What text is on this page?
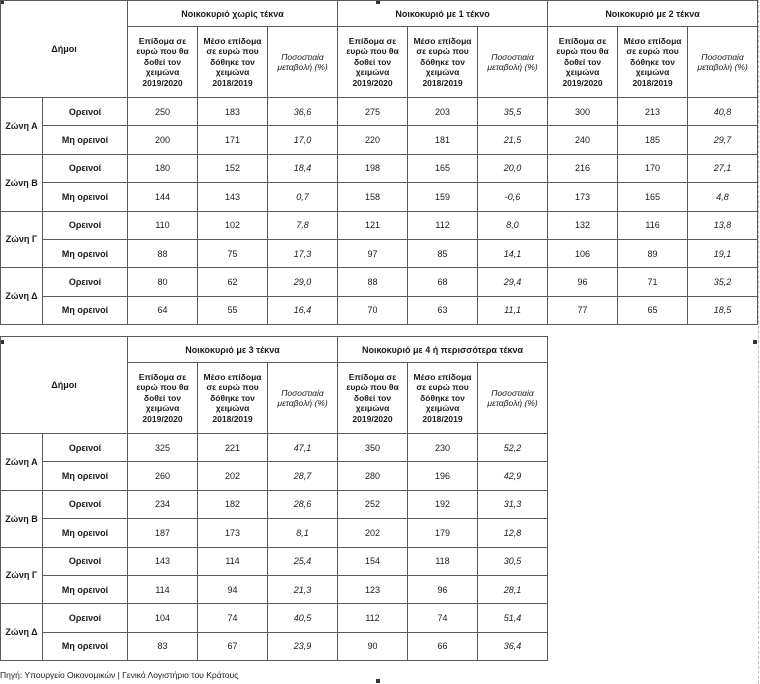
Δήμοι		Νοικοκυριό χωρίς τέκνα			Νοικοκυριό με 1 τέκνο			Νοικοκυριό με 2 τέκνα		
		Επίδομα σε
ευρώ που θα
δοθεί τον
χειμώνα
2019/2020	Μέσο επίδομα
σε ευρώ που
δόθηκε τον
χειμώνα
2018/2019	Ποσοστιαία
μεταβολή (%)	Επίδομα σε
ευρώ που θα
δοθεί τον
χειμώνα
2019/2020	Μέσο επίδομα
σε ευρώ που
δόθηκε τον
χειμώνα
2018/2019	Ποσοστιαία
μεταβολή (%)	Επίδομα σε
ευρώ που θα
δοθεί τον
χειμώνα
2019/2020	Μέσο επίδομα
σε ευρώ που
δόθηκε τον
χειμώνα
2018/2019	Ποσοστιαία
μεταβολή (%)
Ζώνη Α	Ορεινοί	250	183	36,6	275	203	35,5	300	213	40,8
	Μη ορεινοί	200	171	17,0	220	181	21,5	240	185	29,7
Ζώνη Β	Ορεινοί	180	152	18,4	198	165	20,0	216	170	27,1
	Μη ορεινοί	144	143	0,7	158	159	-0,6	173	165	4,8
Ζώνη Γ	Ορεινοί	110	102	7,8	121	112	8,0	132	116	13,8
	Μη ορεινοί	88	75	17,3	97	85	14,1	106	89	19,1
Ζώνη Δ	Ορεινοί	80	62	29,0	88	68	29,4	96	71	35,2
	Μη ορεινοί	64	55	16,4	70	63	11,1	77	65	18,5
Δήμοι		Νοικοκυριό με 3 τέκνα			Νοικοκυριό με 4 ή περισσότερα τέκνα		
		Επίδομα σε
ευρώ που θα
δοθεί τον
χειμώνα
2019/2020	Μέσο επίδομα
σε ευρώ που
δόθηκε τον
χειμώνα
2018/2019	Ποσοστιαία
μεταβολή (%)	Επίδομα σε
ευρώ που θα
δοθεί τον
χειμώνα
2019/2020	Μέσο επίδομα
σε ευρώ που
δόθηκε τον
χειμώνα
2018/2019	Ποσοστιαία
μεταβολή (%)
Ζώνη Α	Ορεινοί	325	221	47,1	350	230	52,2
	Μη ορεινοί	260	202	28,7	280	196	42,9
Ζώνη Β	Ορεινοί	234	182	28,6	252	192	31,3
	Μη ορεινοί	187	173	8,1	202	179	12,8
Ζώνη Γ	Ορεινοί	143	114	25,4	154	118	30,5
	Μη ορεινοί	114	94	21,3	123	96	28,1
Ζώνη Δ	Ορεινοί	104	74	40,5	112	74	51,4
	Μη ορεινοί	83	67	23,9	90	66	36,4
Πηγή: Υπουργείο Οικονομικών | Γενικό Λογιστήριο του Κράτους
